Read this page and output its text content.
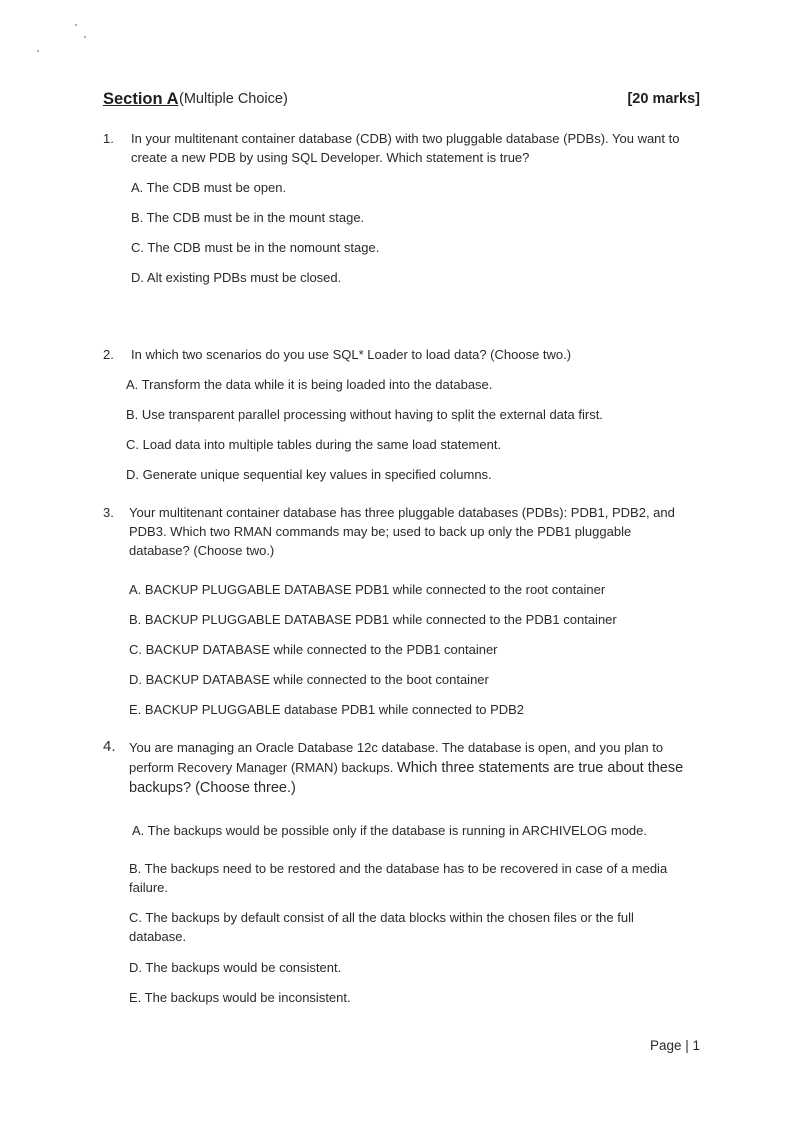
Section A (Multiple Choice)	[20 marks]
1. In your multitenant container database (CDB) with two pluggable database (PDBs). You want to create a new PDB by using SQL Developer. Which statement is true?
A. The CDB must be open.
B. The CDB must be in the mount stage.
C. The CDB must be in the nomount stage.
D. Alt existing PDBs must be closed.
2. In which two scenarios do you use SQL* Loader to load data? (Choose two.)
A. Transform the data while it is being loaded into the database.
B. Use transparent parallel processing without having to split the external data first.
C. Load data into multiple tables during the same load statement.
D. Generate unique sequential key values in specified columns.
3. Your multitenant container database has three pluggable databases (PDBs): PDB1, PDB2, and PDB3. Which two RMAN commands may be; used to back up only the PDB1 pluggable database? (Choose two.)
A. BACKUP PLUGGABLE DATABASE PDB1 while connected to the root container
B. BACKUP PLUGGABLE DATABASE PDB1 while connected to the PDB1 container
C. BACKUP DATABASE while connected to the PDB1 container
D. BACKUP DATABASE while connected to the boot container
E. BACKUP PLUGGABLE database PDB1 while connected to PDB2
4. You are managing an Oracle Database 12c database. The database is open, and you plan to perform Recovery Manager (RMAN) backups. Which three statements are true about these backups? (Choose three.)
A. The backups would be possible only if the database is running in ARCHIVELOG mode.
B. The backups need to be restored and the database has to be recovered in case of a media failure.
C. The backups by default consist of all the data blocks within the chosen files or the full database.
D. The backups would be consistent.
E. The backups would be inconsistent.
Page | 1
